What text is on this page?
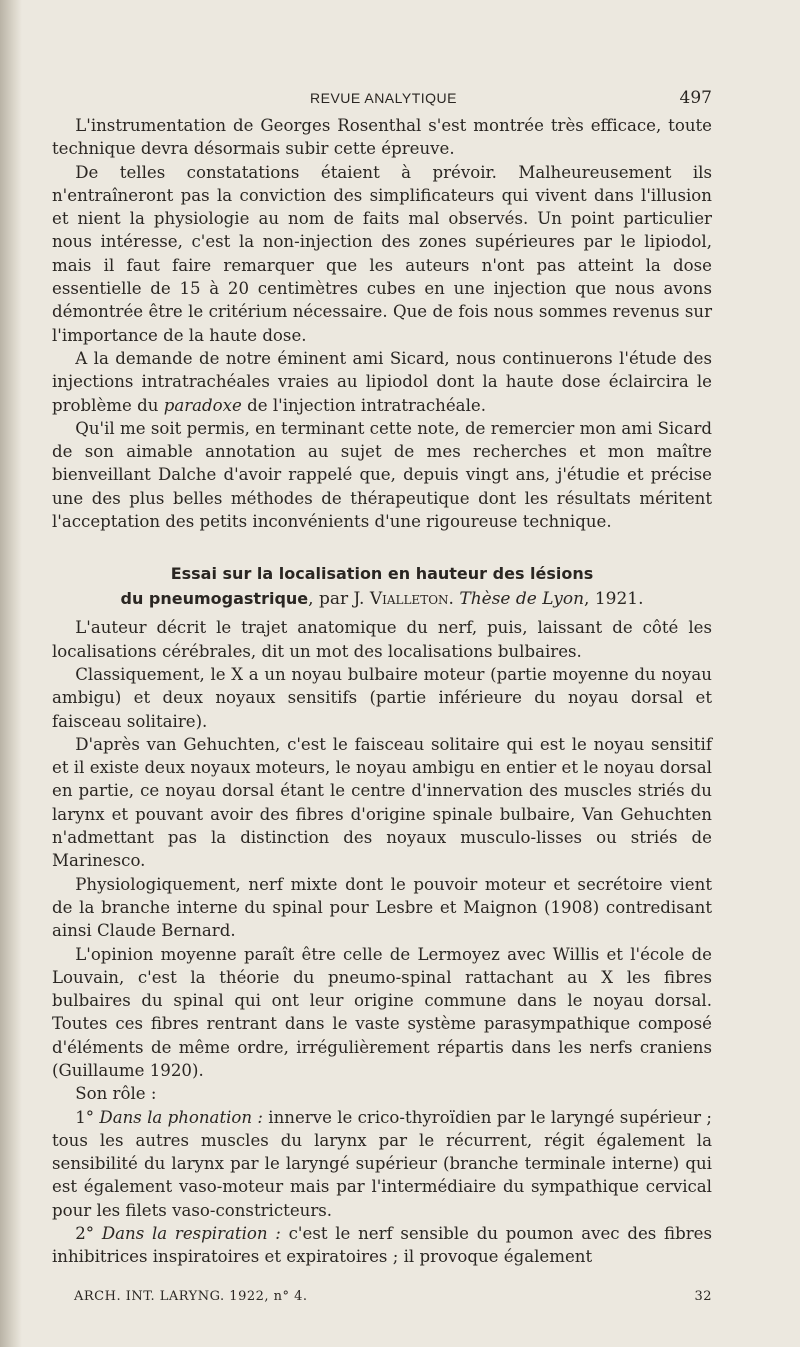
REVUE ANALYTIQUE	497

L'instrumentation de Georges Rosenthal s'est montrée très efficace, toute technique devra désormais subir cette épreuve.

De telles constatations étaient à prévoir. Malheureusement ils n'entraîneront pas la conviction des simplificateurs qui vivent dans l'illusion et nient la physiologie au nom de faits mal observés. Un point particulier nous intéresse, c'est la non-injection des zones supérieures par le lipiodol, mais il faut faire remarquer que les auteurs n'ont pas atteint la dose essentielle de 15 à 20 centimètres cubes en une injection que nous avons démontrée être le critérium nécessaire. Que de fois nous sommes revenus sur l'importance de la haute dose.

A la demande de notre éminent ami Sicard, nous continuerons l'étude des injections intratrachéales vraies au lipiodol dont la haute dose éclaircira le problème du paradoxe de l'injection intratrachéale.

Qu'il me soit permis, en terminant cette note, de remercier mon ami Sicard de son aimable annotation au sujet de mes recherches et mon maître bienveillant Dalche d'avoir rappelé que, depuis vingt ans, j'étudie et précise une des plus belles méthodes de thérapeutique dont les résultats méritent l'acceptation des petits inconvénients d'une rigoureuse technique.

Essai sur la localisation en hauteur des lésions
du pneumogastrique, par J. Vialleton. Thèse de Lyon, 1921.

L'auteur décrit le trajet anatomique du nerf, puis, laissant de côté les localisations cérébrales, dit un mot des localisations bulbaires.

Classiquement, le X a un noyau bulbaire moteur (partie moyenne du noyau ambigu) et deux noyaux sensitifs (partie inférieure du noyau dorsal et faisceau solitaire).

D'après van Gehuchten, c'est le faisceau solitaire qui est le noyau sensitif et il existe deux noyaux moteurs, le noyau ambigu en entier et le noyau dorsal en partie, ce noyau dorsal étant le centre d'innervation des muscles striés du larynx et pouvant avoir des fibres d'origine spinale bulbaire, Van Gehuchten n'admettant pas la distinction des noyaux musculo-lisses ou striés de Marinesco.

Physiologiquement, nerf mixte dont le pouvoir moteur et secrétoire vient de la branche interne du spinal pour Lesbre et Maignon (1908) contredisant ainsi Claude Bernard.

L'opinion moyenne paraît être celle de Lermoyez avec Willis et l'école de Louvain, c'est la théorie du pneumo-spinal rattachant au X les fibres bulbaires du spinal qui ont leur origine commune dans le noyau dorsal. Toutes ces fibres rentrant dans le vaste système parasympathique composé d'éléments de même ordre, irrégulièrement répartis dans les nerfs craniens (Guillaume 1920).

Son rôle :

1° Dans la phonation : innerve le crico-thyroïdien par le laryngé supérieur ; tous les autres muscles du larynx par le récurrent, régit également la sensibilité du larynx par le laryngé supérieur (branche terminale interne) qui est également vaso-moteur mais par l'intermédiaire du sympathique cervical pour les filets vaso-constricteurs.

2° Dans la respiration : c'est le nerf sensible du poumon avec des fibres inhibitrices inspiratoires et expiratoires ; il provoque également

ARCH. INT. LARYNG. 1922, n° 4.	32
